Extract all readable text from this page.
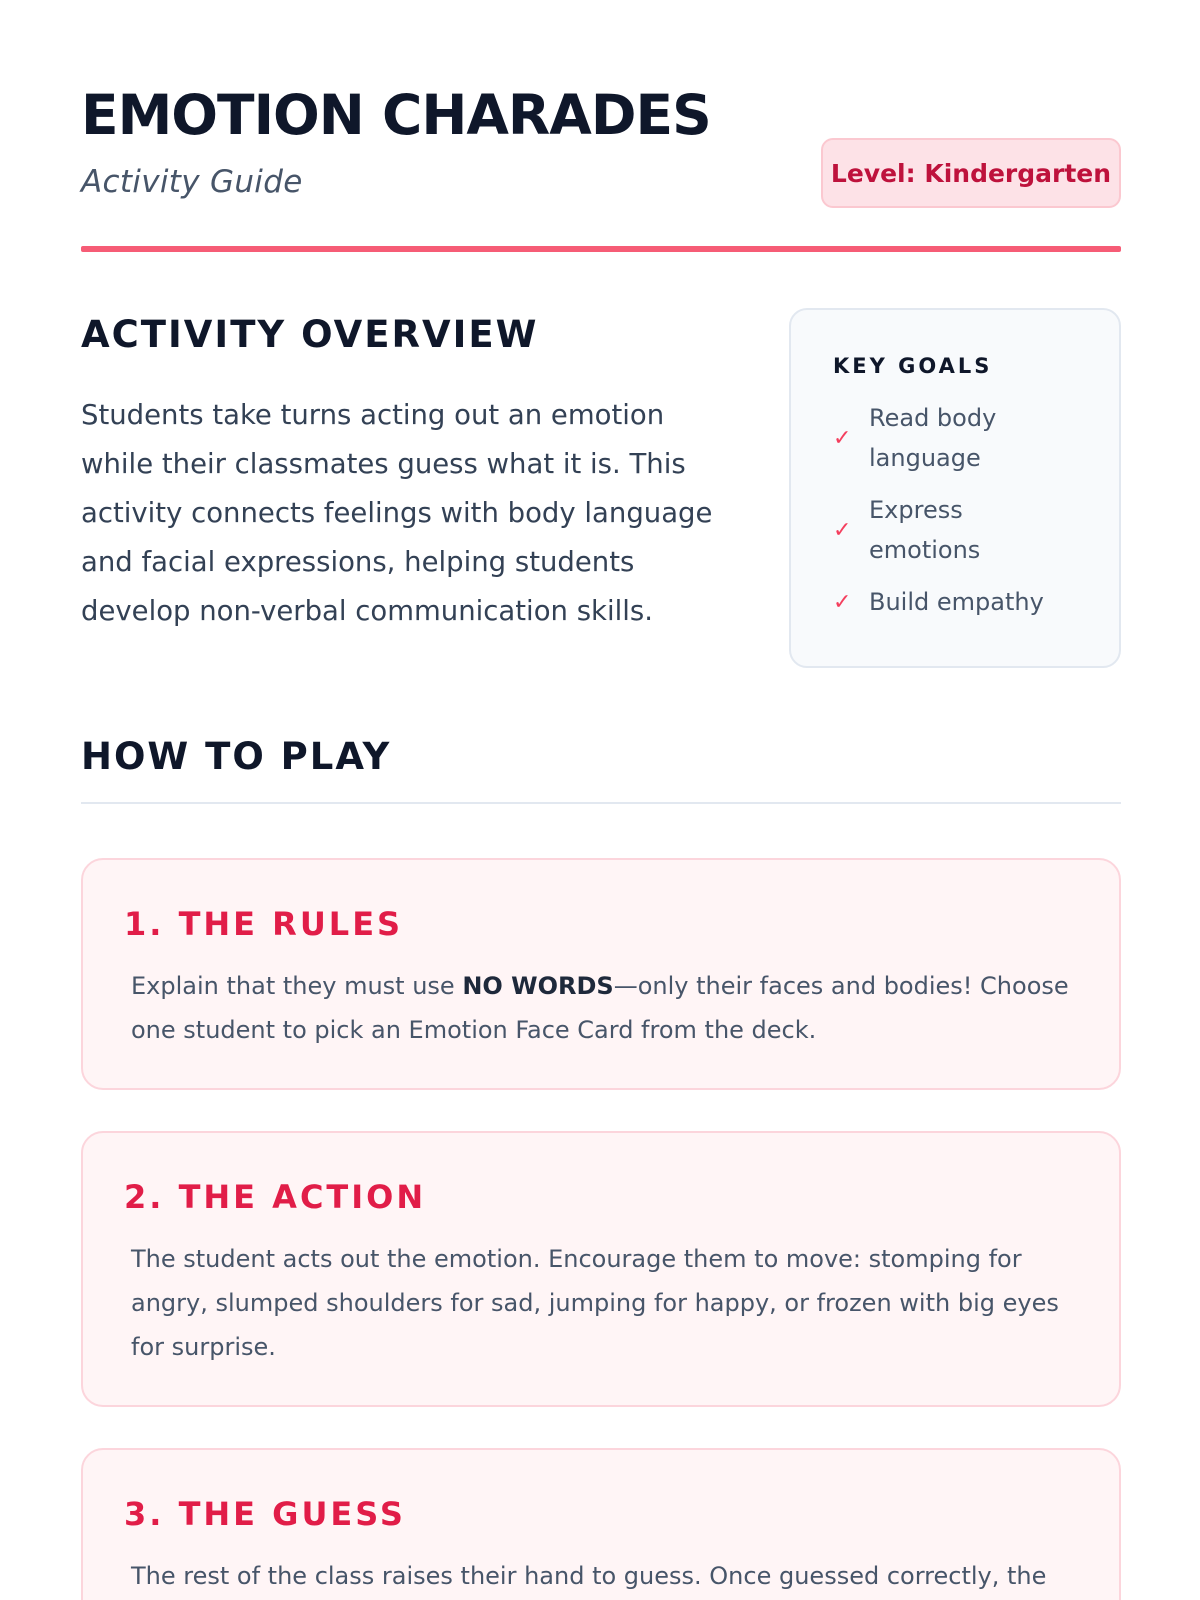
EMOTION CHARADES
Activity Guide	Level: Kindergarten
ACTIVITY OVERVIEW

Students take turns acting out an emotion while their classmates guess what it is. This activity connects feelings with body language and facial expressions, helping students develop non-verbal communication skills.

KEY GOALS
✓
Read body language
✓
Express emotions
✓ Build empathy
HOW TO PLAY
1. THE RULES

Explain that they must use NO WORDS—only their faces and bodies! Choose one student to pick an Emotion Face Card from the deck.

2. THE ACTION

The student acts out the emotion. Encourage them to move: stomping for angry, slumped shoulders for sad, jumping for happy, or frozen with big eyes for surprise.

3. THE GUESS

The rest of the class raises their hand to guess. Once guessed correctly, the
